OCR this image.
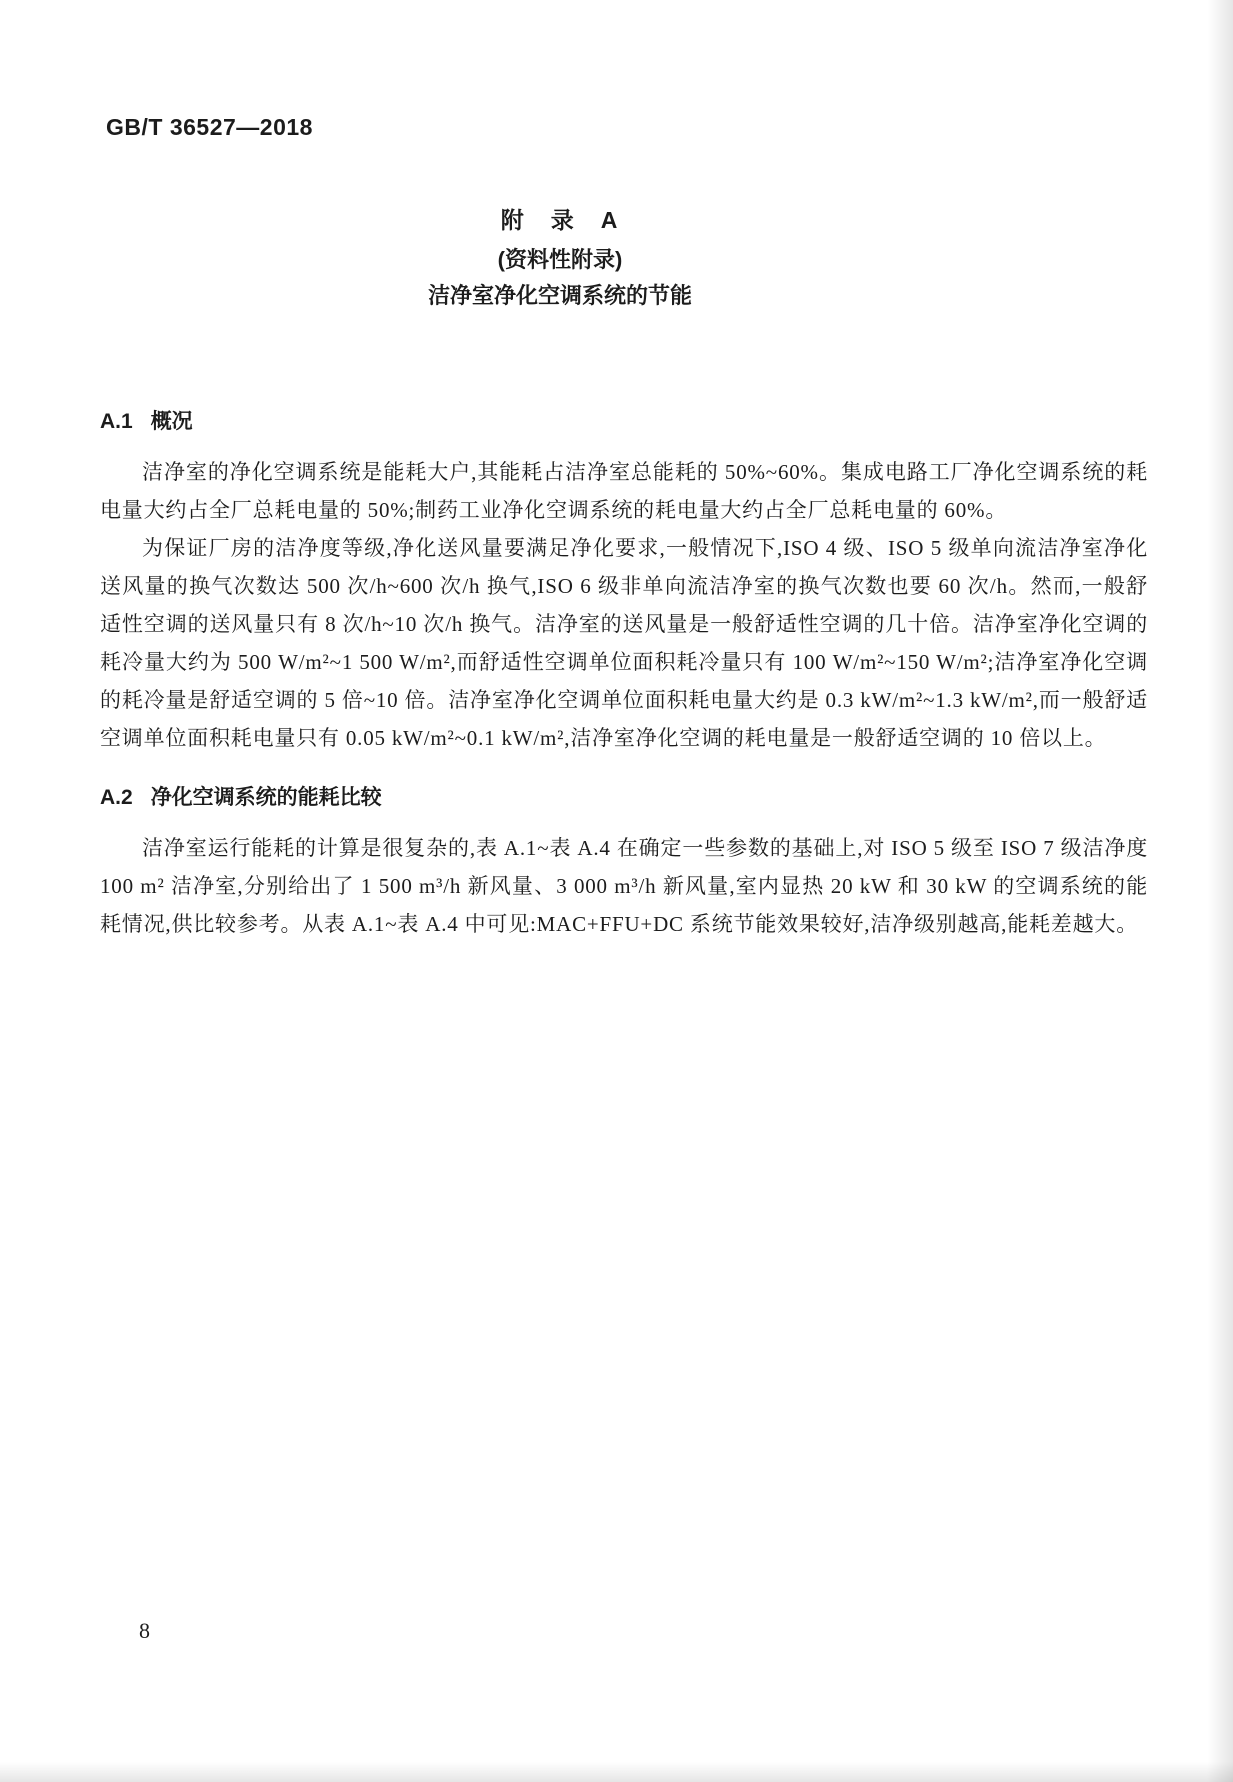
GB/T 36527—2018
附　录　A
(资料性附录)
洁净室净化空调系统的节能
A.1 概况

洁净室的净化空调系统是能耗大户,其能耗占洁净室总能耗的 50%~60%。集成电路工厂净化空调系统的耗电量大约占全厂总耗电量的 50%;制药工业净化空调系统的耗电量大约占全厂总耗电量的 60%。

为保证厂房的洁净度等级,净化送风量要满足净化要求,一般情况下,ISO 4 级、ISO 5 级单向流洁净室净化送风量的换气次数达 500 次/h~600 次/h 换气,ISO 6 级非单向流洁净室的换气次数也要 60 次/h。然而,一般舒适性空调的送风量只有 8 次/h~10 次/h 换气。洁净室的送风量是一般舒适性空调的几十倍。洁净室净化空调的耗冷量大约为 500 W/m²~1 500 W/m²,而舒适性空调单位面积耗冷量只有 100 W/m²~150 W/m²;洁净室净化空调的耗冷量是舒适空调的 5 倍~10 倍。洁净室净化空调单位面积耗电量大约是 0.3 kW/m²~1.3 kW/m²,而一般舒适空调单位面积耗电量只有 0.05 kW/m²~0.1 kW/m²,洁净室净化空调的耗电量是一般舒适空调的 10 倍以上。

A.2 净化空调系统的能耗比较

洁净室运行能耗的计算是很复杂的,表 A.1~表 A.4 在确定一些参数的基础上,对 ISO 5 级至 ISO 7 级洁净度 100 m² 洁净室,分别给出了 1 500 m³/h 新风量、3 000 m³/h 新风量,室内显热 20 kW 和 30 kW 的空调系统的能耗情况,供比较参考。从表 A.1~表 A.4 中可见:MAC+FFU+DC 系统节能效果较好,洁净级别越高,能耗差越大。

8
